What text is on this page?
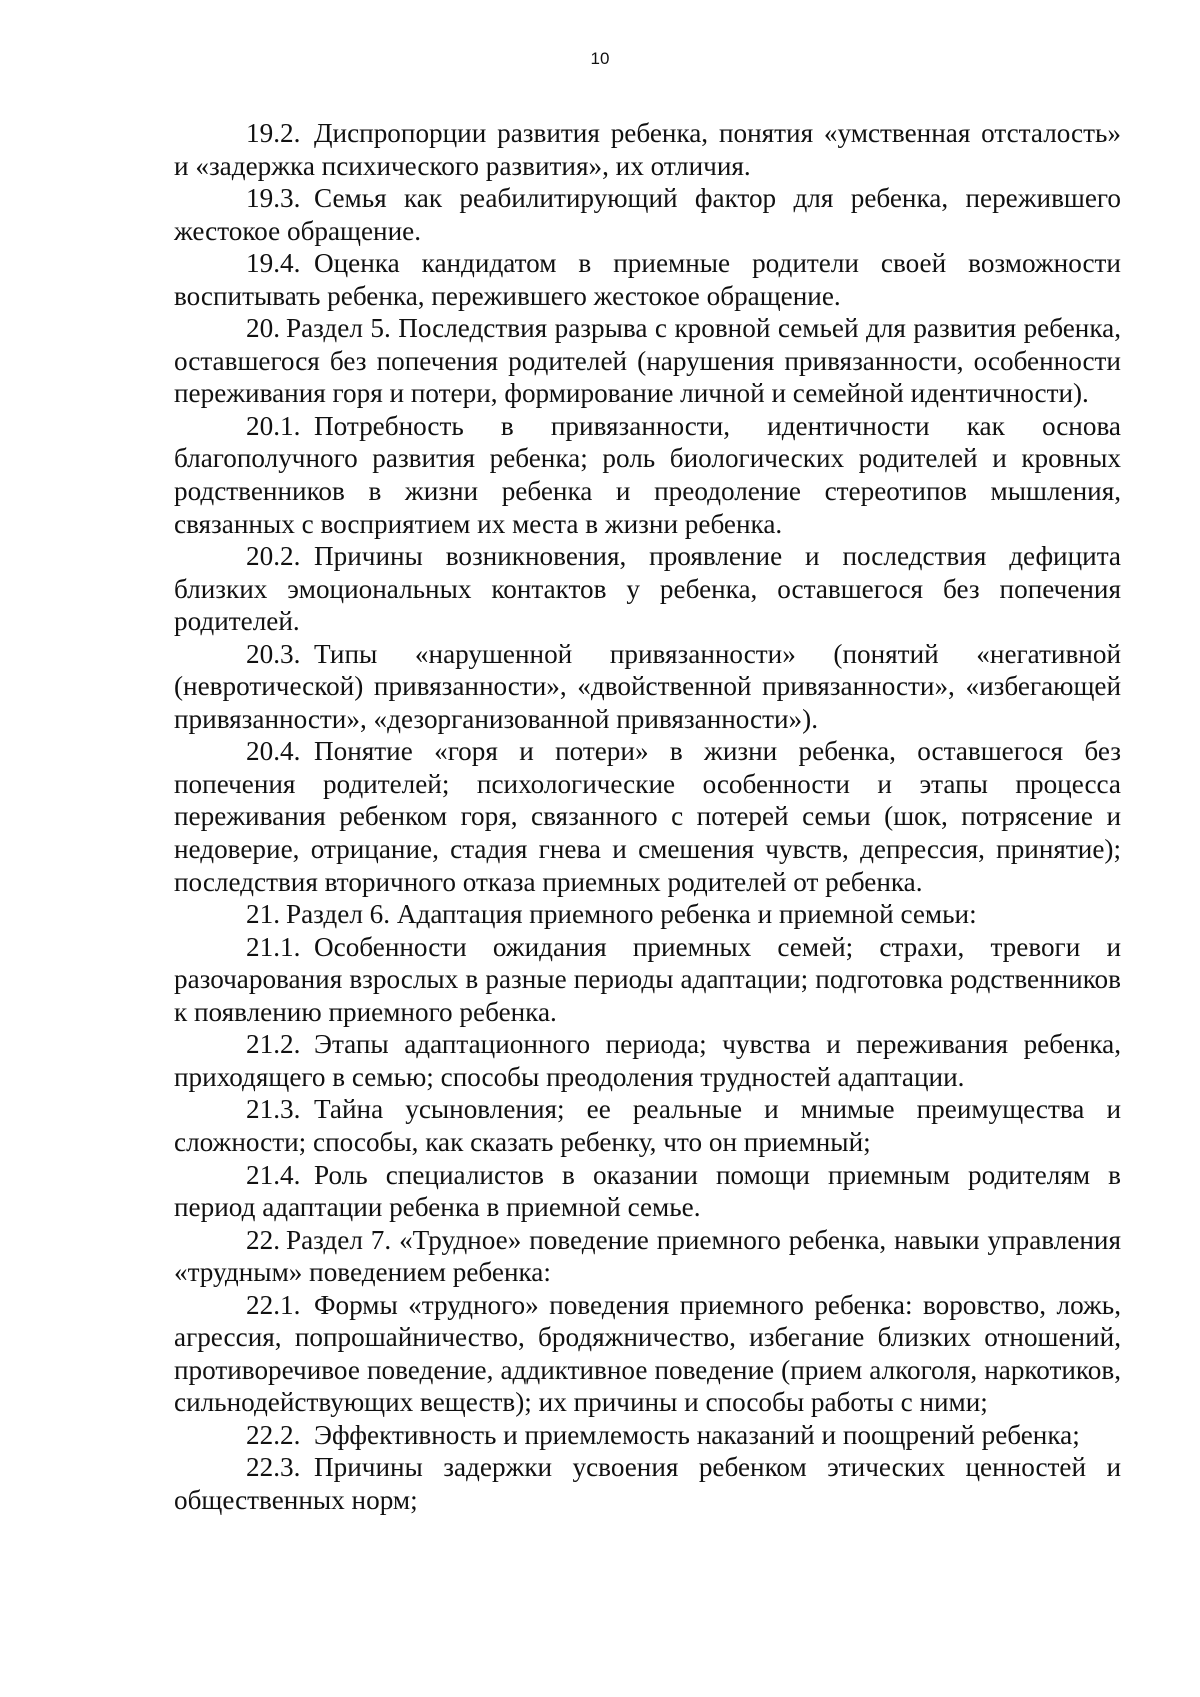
10

19.2. Диспропорции развития ребенка, понятия «умственная отсталость» и «задержка психического развития», их отличия.

19.3. Семья как реабилитирующий фактор для ребенка, пережившего жестокое обращение.

19.4. Оценка кандидатом в приемные родители своей возможности воспитывать ребенка, пережившего жестокое обращение.

20. Раздел 5. Последствия разрыва с кровной семьей для развития ребенка, оставшегося без попечения родителей (нарушения привязанности, особенности переживания горя и потери, формирование личной и семейной идентичности).

20.1. Потребность в привязанности, идентичности как основа благополучного развития ребенка; роль биологических родителей и кровных родственников в жизни ребенка и преодоление стереотипов мышления, связанных с восприятием их места в жизни ребенка.

20.2. Причины возникновения, проявление и последствия дефицита близких эмоциональных контактов у ребенка, оставшегося без попечения родителей.

20.3. Типы «нарушенной привязанности» (понятий «негативной (невротической) привязанности», «двойственной привязанности», «избегающей привязанности», «дезорганизованной привязанности»).

20.4. Понятие «горя и потери» в жизни ребенка, оставшегося без попечения родителей; психологические особенности и этапы процесса переживания ребенком горя, связанного с потерей семьи (шок, потрясение и недоверие, отрицание, стадия гнева и смешения чувств, депрессия, принятие); последствия вторичного отказа приемных родителей от ребенка.

21. Раздел 6. Адаптация приемного ребенка и приемной семьи:

21.1. Особенности ожидания приемных семей; страхи, тревоги и разочарования взрослых в разные периоды адаптации; подготовка родственников к появлению приемного ребенка.

21.2. Этапы адаптационного периода; чувства и переживания ребенка, приходящего в семью; способы преодоления трудностей адаптации.

21.3. Тайна усыновления; ее реальные и мнимые преимущества и сложности; способы, как сказать ребенку, что он приемный;

21.4. Роль специалистов в оказании помощи приемным родителям в период адаптации ребенка в приемной семье.

22. Раздел 7. «Трудное» поведение приемного ребенка, навыки управления «трудным» поведением ребенка:

22.1. Формы «трудного» поведения приемного ребенка: воровство, ложь, агрессия, попрошайничество, бродяжничество, избегание близких отношений, противоречивое поведение, аддиктивное поведение (прием алкоголя, наркотиков, сильнодействующих веществ); их причины и способы работы с ними;

22.2. Эффективность и приемлемость наказаний и поощрений ребенка;

22.3. Причины задержки усвоения ребенком этических ценностей и общественных норм;
